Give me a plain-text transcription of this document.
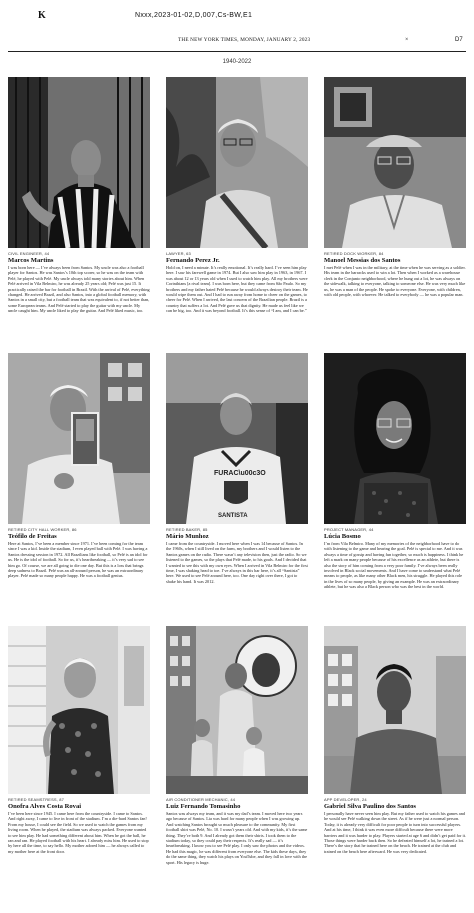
K	Nxxx,2023-01-02,D,007,Cs-BW,E1
THE NEW YORK TIMES, MONDAY, JANUARY 2, 2023	×	D7
1940-2022
CIVIL ENGINEER, 44
Marcos Martins
I was born here — I’ve always been from Santos. My uncle was also a football player for Santos. He was Santos’s 10th top scorer, so he was on the team with Pelé, he played with Pelé. My uncle always told many stories about him. When Pelé arrived in Vila Belmiro, he was already 25 years old; Pelé was just 15. It practically raised the bar for football in Brazil. With the arrival of Pelé, everything changed. He arrived Brazil, and also Santos, into a global football memory, with Santos in a small city, but a football team that was equivalent to, if not better than, some European teams. And Pelé started to play the guitar with my uncle. My uncle caught him. My uncle liked to play the guitar. And Pelé liked music, too.
LAWYER, 63
Fernando Perez Jr.
Hold on, I need a minute. It’s really emotional. It’s really hard. I’ve seen him play here. I saw his farewell game in 1974. But I also saw him play in 1963, in 1967. I was about 12 or 13 years old when I used to watch him play. All my brothers were Corinthians [a rival team]. I was born here, but they came from São Paulo. So my brothers and my father hated Pelé because he would always destroy their team. He would wipe them out. And I had to run away from home to cheer on the games, to cheer for Pelé. When I arrived, the last concern of the Brazilian people. Brazil is a country that suffers a lot. And Pelé gave us that dignity. He made us feel like we can be big, too. And it was beyond football. It’s this sense of “I am, and I can be.”
RETIRED DOCK WORKER, 84
Manoel Messias dos Santos
I met Pelé when I was in the military, at the time when he was serving as a soldier. His team in the barracks used to win a lot. Then when I worked as a warehouse clerk in the Conjunto neighborhood, where he hung out a lot, he was always on the sidewalk, talking to everyone, talking to someone else. He was very much like us, he was a man of the people. He spoke to everyone. Everyone, with children, with old people, with whoever. He talked to everybody — he was a popular man.
RETIRED CITY HALL WORKER, 86
Teófilo de Freitas
Here at Santos, I’ve been a member since 1971. I’ve been coming for the team since I was a kid. Inside the stadium, I even played ball with Pelé. I was having a Santos dressing session in 1972. All Brazilians like football, so Pelé is an idol for us. He is the idol of football. So for us, it’s heartbreaking — it’s very sad to see him go. Of course, we are all going to die one day. But this is a loss that brings deep sadness to Brazil. Pelé was an all-around person, he was an extraordinary player. Pelé made so many people happy. He was a football genius.
FURAC\u00c3O
SANTISTA
RETIRED BAKER, 85
Mário Munhoz
I came from the countryside. I moved here when I was 14 because of Santos. In the 1960s, when I still lived on the farm, my brothers and I would listen to the Santos games on the radio. There wasn’t any television then, just the radio. So we listened to the games, so the plays that Pelé made, to his goals. And I decided that I wanted to see this with my own eyes. When I arrived in Vila Belmiro for the first time, I was shaking head to toe. I’ve always in this bar here, it’s all “Santista” here. We used to see Pelé around here, too. One day right over there, I got to shake his hand. It was 2012.
PROJECT MANAGER, 44
Lúcia Bosmo
I’m from Vila Belmiro. Many of my memories of the neighborhood have to do with listening to the game and hearing the goal. Pelé is special to me. And it was always a time of gossip and having fun together, so much is happiness. I think he left a mark on many people because of his excellence as an athlete, but there is also the story of him coming from a very poor family. I’ve always been really involved in Black social movements. And I have come to understand what Pelé means to people, as like many other Black men, his struggle. He played this role in the lives of so many people, by giving an example. He was an extraordinary athlete, but he was also a Black person who was the best in the world.
RETIRED SEAMSTRESS, 87
Onofra Alves Costa Rovai
I’ve been here since 1945. I came here from the countryside. I came to Santos. And right away, I came to live in front of the stadium. I’m a die-hard Santos fan! From my house, I could see the field. So we used to watch the games from my living room. When he played, the stadium was always packed. Everyone wanted to see him play. He had something different about him. When he got the ball, he ran and ran. He played football with his heart. I already miss him. He used to stop by here all the time, to say hello. My mother adored him — he always called to my mother here at the front door.
AIR CONDITIONER MECHANIC, 44
Luiz Fernando Tomasinho
Santos was always my team, and it was my dad’s team. I moved here two years ago because of Santos. Lia was hard for many people when I was growing up. And watching Santos brought so much pleasure to the community. My first football shirt was Pelé, No. 10. I wasn’t years old. And with my kids, it’s the same thing. They’re both 9. And I already got them their shirts. I took them to the stadium today, so they could pay their respects. It’s really sad — it’s heartbreaking. I know you to see Pelé play. I only saw the photos and the videos. He had this magic, he was different from everyone else. The kids these days, they do the same thing, they watch his plays on YouTube, and they fall in love with the sport. His legacy is huge.
APP DEVELOPER, 24
Gabriel Silva Paulino dos Santos
I personally have never seen him play. But my father used to watch his games and he would see Pelé walking down the street. As if he were just a normal person. Today, it is already very difficult for poor people to turn into successful players. And at his time, I think it was even more difficult because there were more barriers and it was harder to play. Players started at age 6 and didn’t get paid for it. Those things were harder back then. So he defeated himself a lot, he trained a lot. There’s the story that he trained here on the beach. He trained at the club and trained on the beach here afterward. He was very dedicated.
